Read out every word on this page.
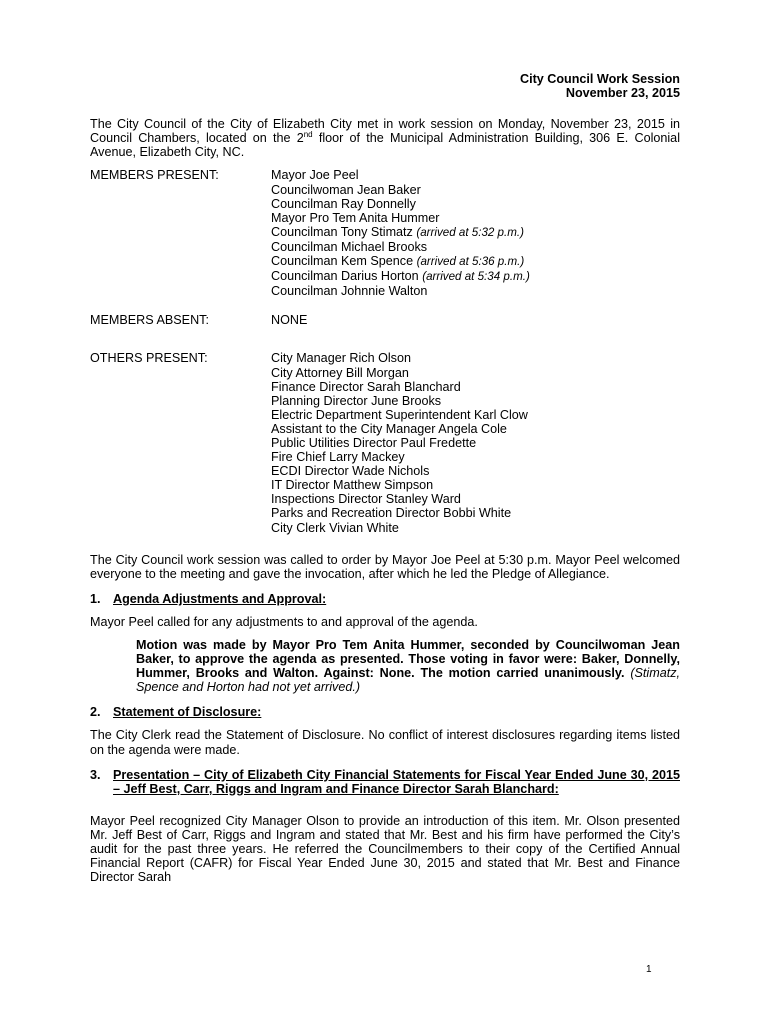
City Council Work Session
November 23, 2015

The City Council of the City of Elizabeth City met in work session on Monday, November 23, 2015 in Council Chambers, located on the 2nd floor of the Municipal Administration Building, 306 E. Colonial Avenue, Elizabeth City, NC.

MEMBERS PRESENT:	Mayor Joe Peel
Councilwoman Jean Baker
Councilman Ray Donnelly
Mayor Pro Tem Anita Hummer
Councilman Tony Stimatz (arrived at 5:32 p.m.)
Councilman Michael Brooks
Councilman Kem Spence (arrived at 5:36 p.m.)
Councilman Darius Horton (arrived at 5:34 p.m.)
Councilman Johnnie Walton
MEMBERS ABSENT:	NONE
OTHERS PRESENT:	City Manager Rich Olson
City Attorney Bill Morgan
Finance Director Sarah Blanchard
Planning Director June Brooks
Electric Department Superintendent Karl Clow
Assistant to the City Manager Angela Cole
Public Utilities Director Paul Fredette
Fire Chief Larry Mackey
ECDI Director Wade Nichols
IT Director Matthew Simpson
Inspections Director Stanley Ward
Parks and Recreation Director Bobbi White
City Clerk Vivian White

The City Council work session was called to order by Mayor Joe Peel at 5:30 p.m. Mayor Peel welcomed everyone to the meeting and gave the invocation, after which he led the Pledge of Allegiance.

1. Agenda Adjustments and Approval:

Mayor Peel called for any adjustments to and approval of the agenda.

Motion was made by Mayor Pro Tem Anita Hummer, seconded by Councilwoman Jean Baker, to approve the agenda as presented. Those voting in favor were: Baker, Donnelly, Hummer, Brooks and Walton. Against: None. The motion carried unanimously. (Stimatz, Spence and Horton had not yet arrived.)

2. Statement of Disclosure:

The City Clerk read the Statement of Disclosure. No conflict of interest disclosures regarding items listed on the agenda were made.

3. Presentation – City of Elizabeth City Financial Statements for Fiscal Year Ended June 30, 2015 – Jeff Best, Carr, Riggs and Ingram and Finance Director Sarah Blanchard:

Mayor Peel recognized City Manager Olson to provide an introduction of this item. Mr. Olson presented Mr. Jeff Best of Carr, Riggs and Ingram and stated that Mr. Best and his firm have performed the City’s audit for the past three years. He referred the Councilmembers to their copy of the Certified Annual Financial Report (CAFR) for Fiscal Year Ended June 30, 2015 and stated that Mr. Best and Finance Director Sarah

1
